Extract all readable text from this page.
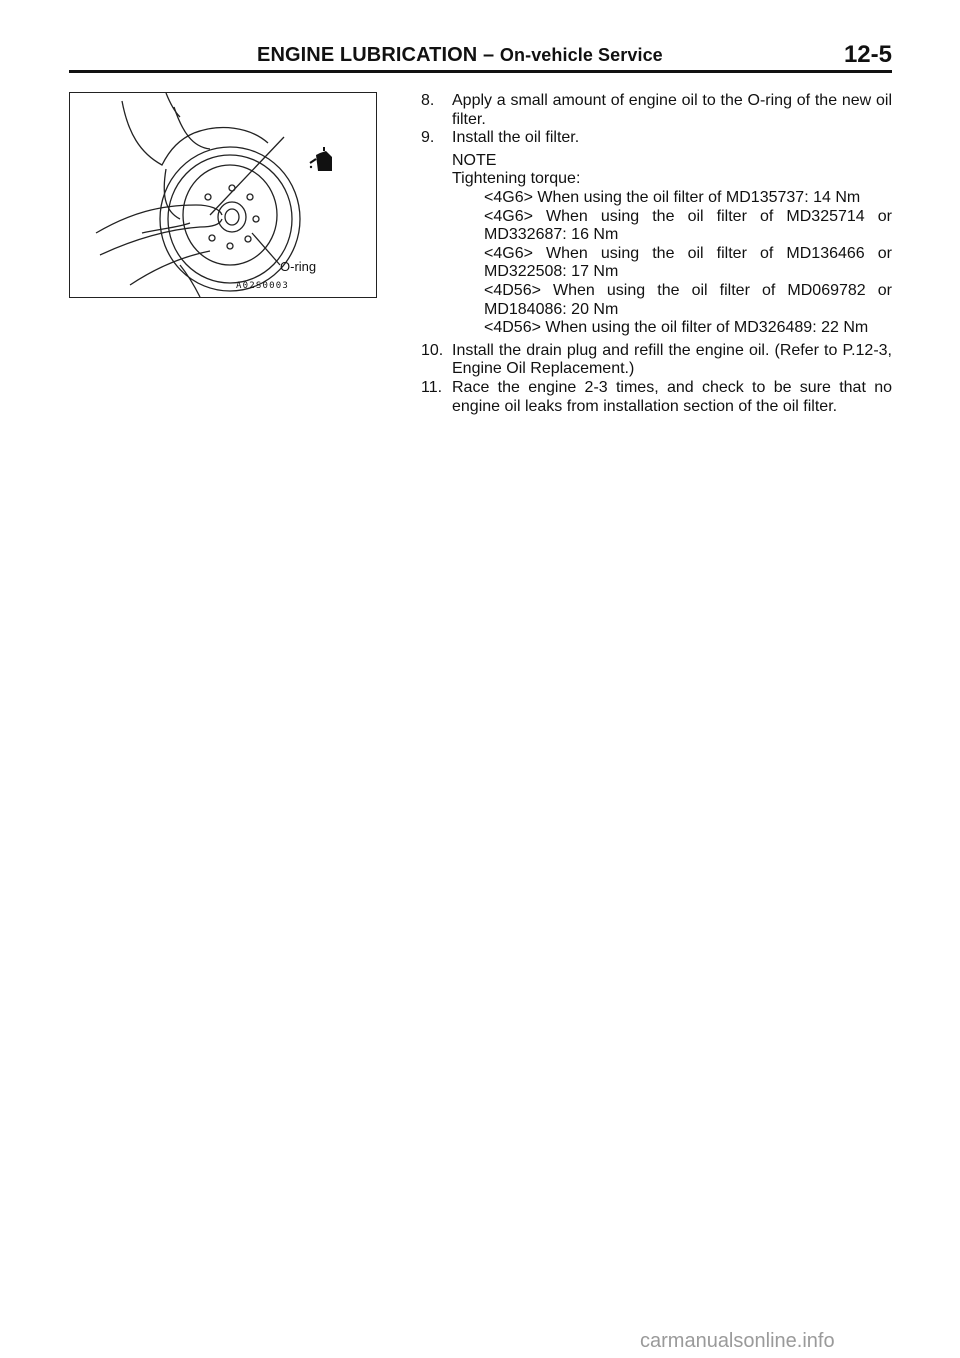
ENGINE LUBRICATION – On-vehicle Service	12-5
O-ring
A02S0003
8. Apply a small amount of engine oil to the O-ring of the new oil filter.
9. Install the oil filter.
NOTE
Tightening torque:
<4G6> When using the oil filter of MD135737: 14 Nm
<4G6> When using the oil filter of MD325714 or MD332687: 16 Nm
<4G6> When using the oil filter of MD136466 or MD322508: 17 Nm
<4D56> When using the oil filter of MD069782 or MD184086: 20 Nm
<4D56> When using the oil filter of MD326489: 22 Nm
10. Install the drain plug and refill the engine oil. (Refer to P.12-3, Engine Oil Replacement.)
11. Race the engine 2-3 times, and check to be sure that no engine oil leaks from installation section of the oil filter.
carmanualsonline.info
